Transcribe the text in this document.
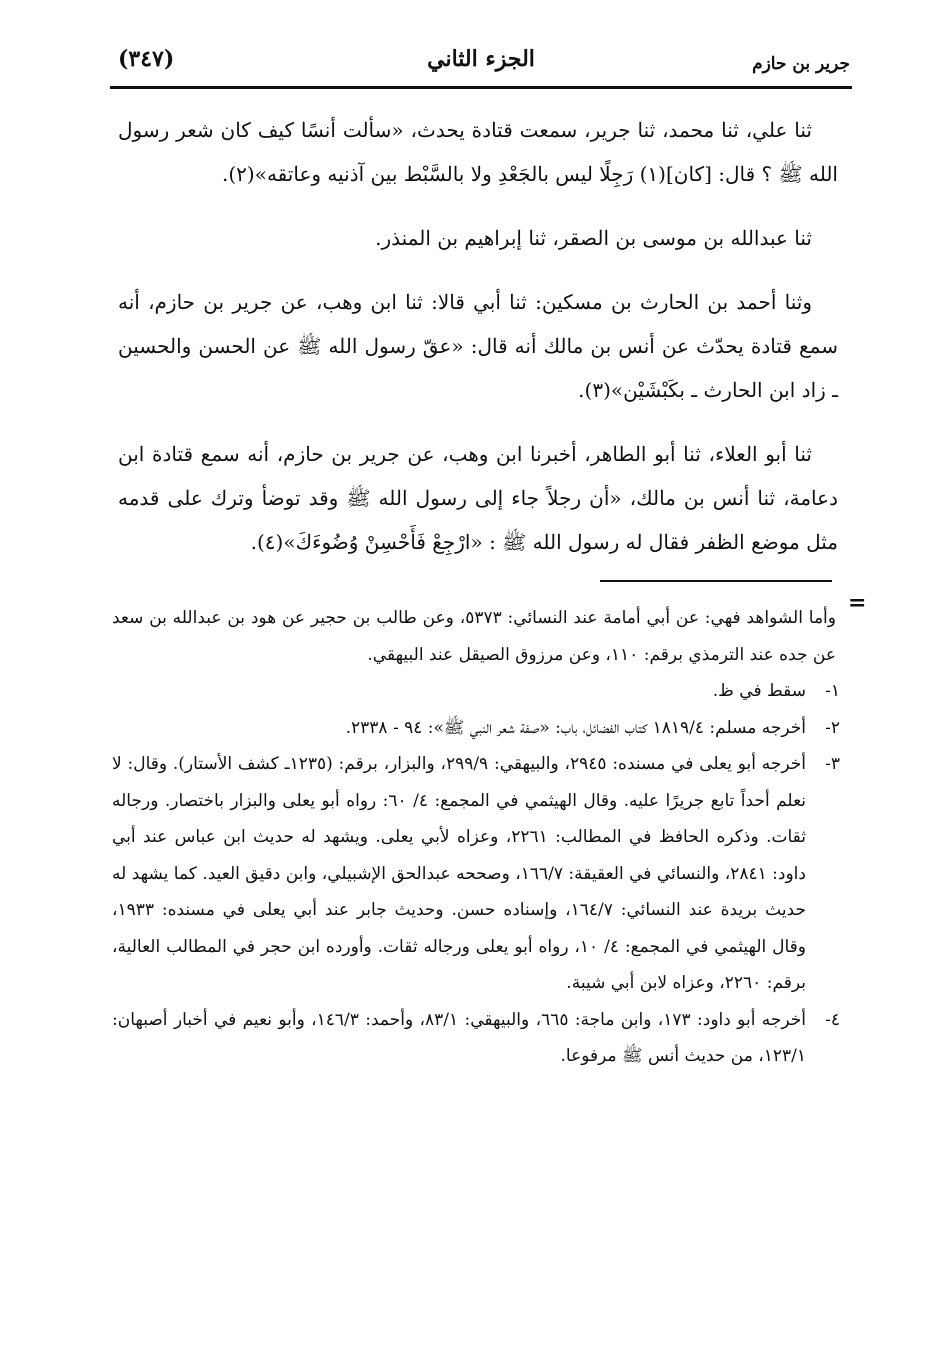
(٣٤٧)	الجزء الثاني	جرير بن حازم

ثنا علي، ثنا محمد، ثنا جرير، سمعت قتادة يحدث، «سألت أنسًا كيف كان شعر رسول الله ﷺ ؟ قال: [كان](١) رَجِلًا ليس بالجَعْدِ ولا بالسَّبْط بين آذنيه وعاتقه»(٢).

ثنا عبدالله بن موسى بن الصقر، ثنا إبراهيم بن المنذر.

وثنا أحمد بن الحارث بن مسكين: ثنا أبي قالا: ثنا ابن وهب، عن جرير بن حازم، أنه سمع قتادة يحدّث عن أنس بن مالك أنه قال: «عقّ رسول الله ﷺ عن الحسن والحسين ـ زاد ابن الحارث ـ بكَبْشَيْن»(٣).

ثنا أبو العلاء، ثنا أبو الطاهر، أخبرنا ابن وهب، عن جرير بن حازم، أنه سمع قتادة ابن دعامة، ثنا أنس بن مالك، «أن رجلاً جاء إلى رسول الله ﷺ وقد توضأ وترك على قدمه مثل موضع الظفر فقال له رسول الله ﷺ : «ارْجِعْ فَأَحْسِنْ وُضُوءَكَ»(٤).

=

وأما الشواهد فهي: عن أبي أمامة عند النسائي: ٥٣٧٣، وعن طالب بن حجير عن هود بن عبدالله بن سعد عن جده عند الترمذي برقم: ١١٠، وعن مرزوق الصيقل عند البيهقي.

١-
سقط في ظ.
٢-
أخرجه مسلم: ١٨١٩/٤ كتاب الفضائل، باب: «صفة شعر النبي ﷺ»: ٩٤ - ٢٣٣٨.
٣-
أخرجه أبو يعلى في مسنده: ٢٩٤٥، والبيهقي: ٢٩٩/٩، والبزار، برقم: (١٢٣٥ـ كشف الأستار). وقال: لا نعلم أحداً تابع جريرًا عليه. وقال الهيثمي في المجمع: ٤/ ٦٠: رواه أبو يعلى والبزار باختصار. ورجاله ثقات. وذكره الحافظ في المطالب: ٢٢٦١، وعزاه لأبي يعلى. ويشهد له حديث ابن عباس عند أبي داود: ٢٨٤١، والنسائي في العقيقة: ١٦٦/٧، وصححه عبدالحق الإشبيلي، وابن دقيق العيد. كما يشهد له حديث بريدة عند النسائي: ١٦٤/٧، وإسناده حسن. وحديث جابر عند أبي يعلى في مسنده: ١٩٣٣، وقال الهيثمي في المجمع: ٤/ ١٠، رواه أبو يعلى ورجاله ثقات. وأورده ابن حجر في المطالب العالية، برقم: ٢٢٦٠، وعزاه لابن أبي شيبة.
٤-
أخرجه أبو داود: ١٧٣، وابن ماجة: ٦٦٥، والبيهقي: ٨٣/١، وأحمد: ١٤٦/٣، وأبو نعيم في أخبار أصبهان: ١٢٣/١، من حديث أنس ﷺ مرفوعا.
